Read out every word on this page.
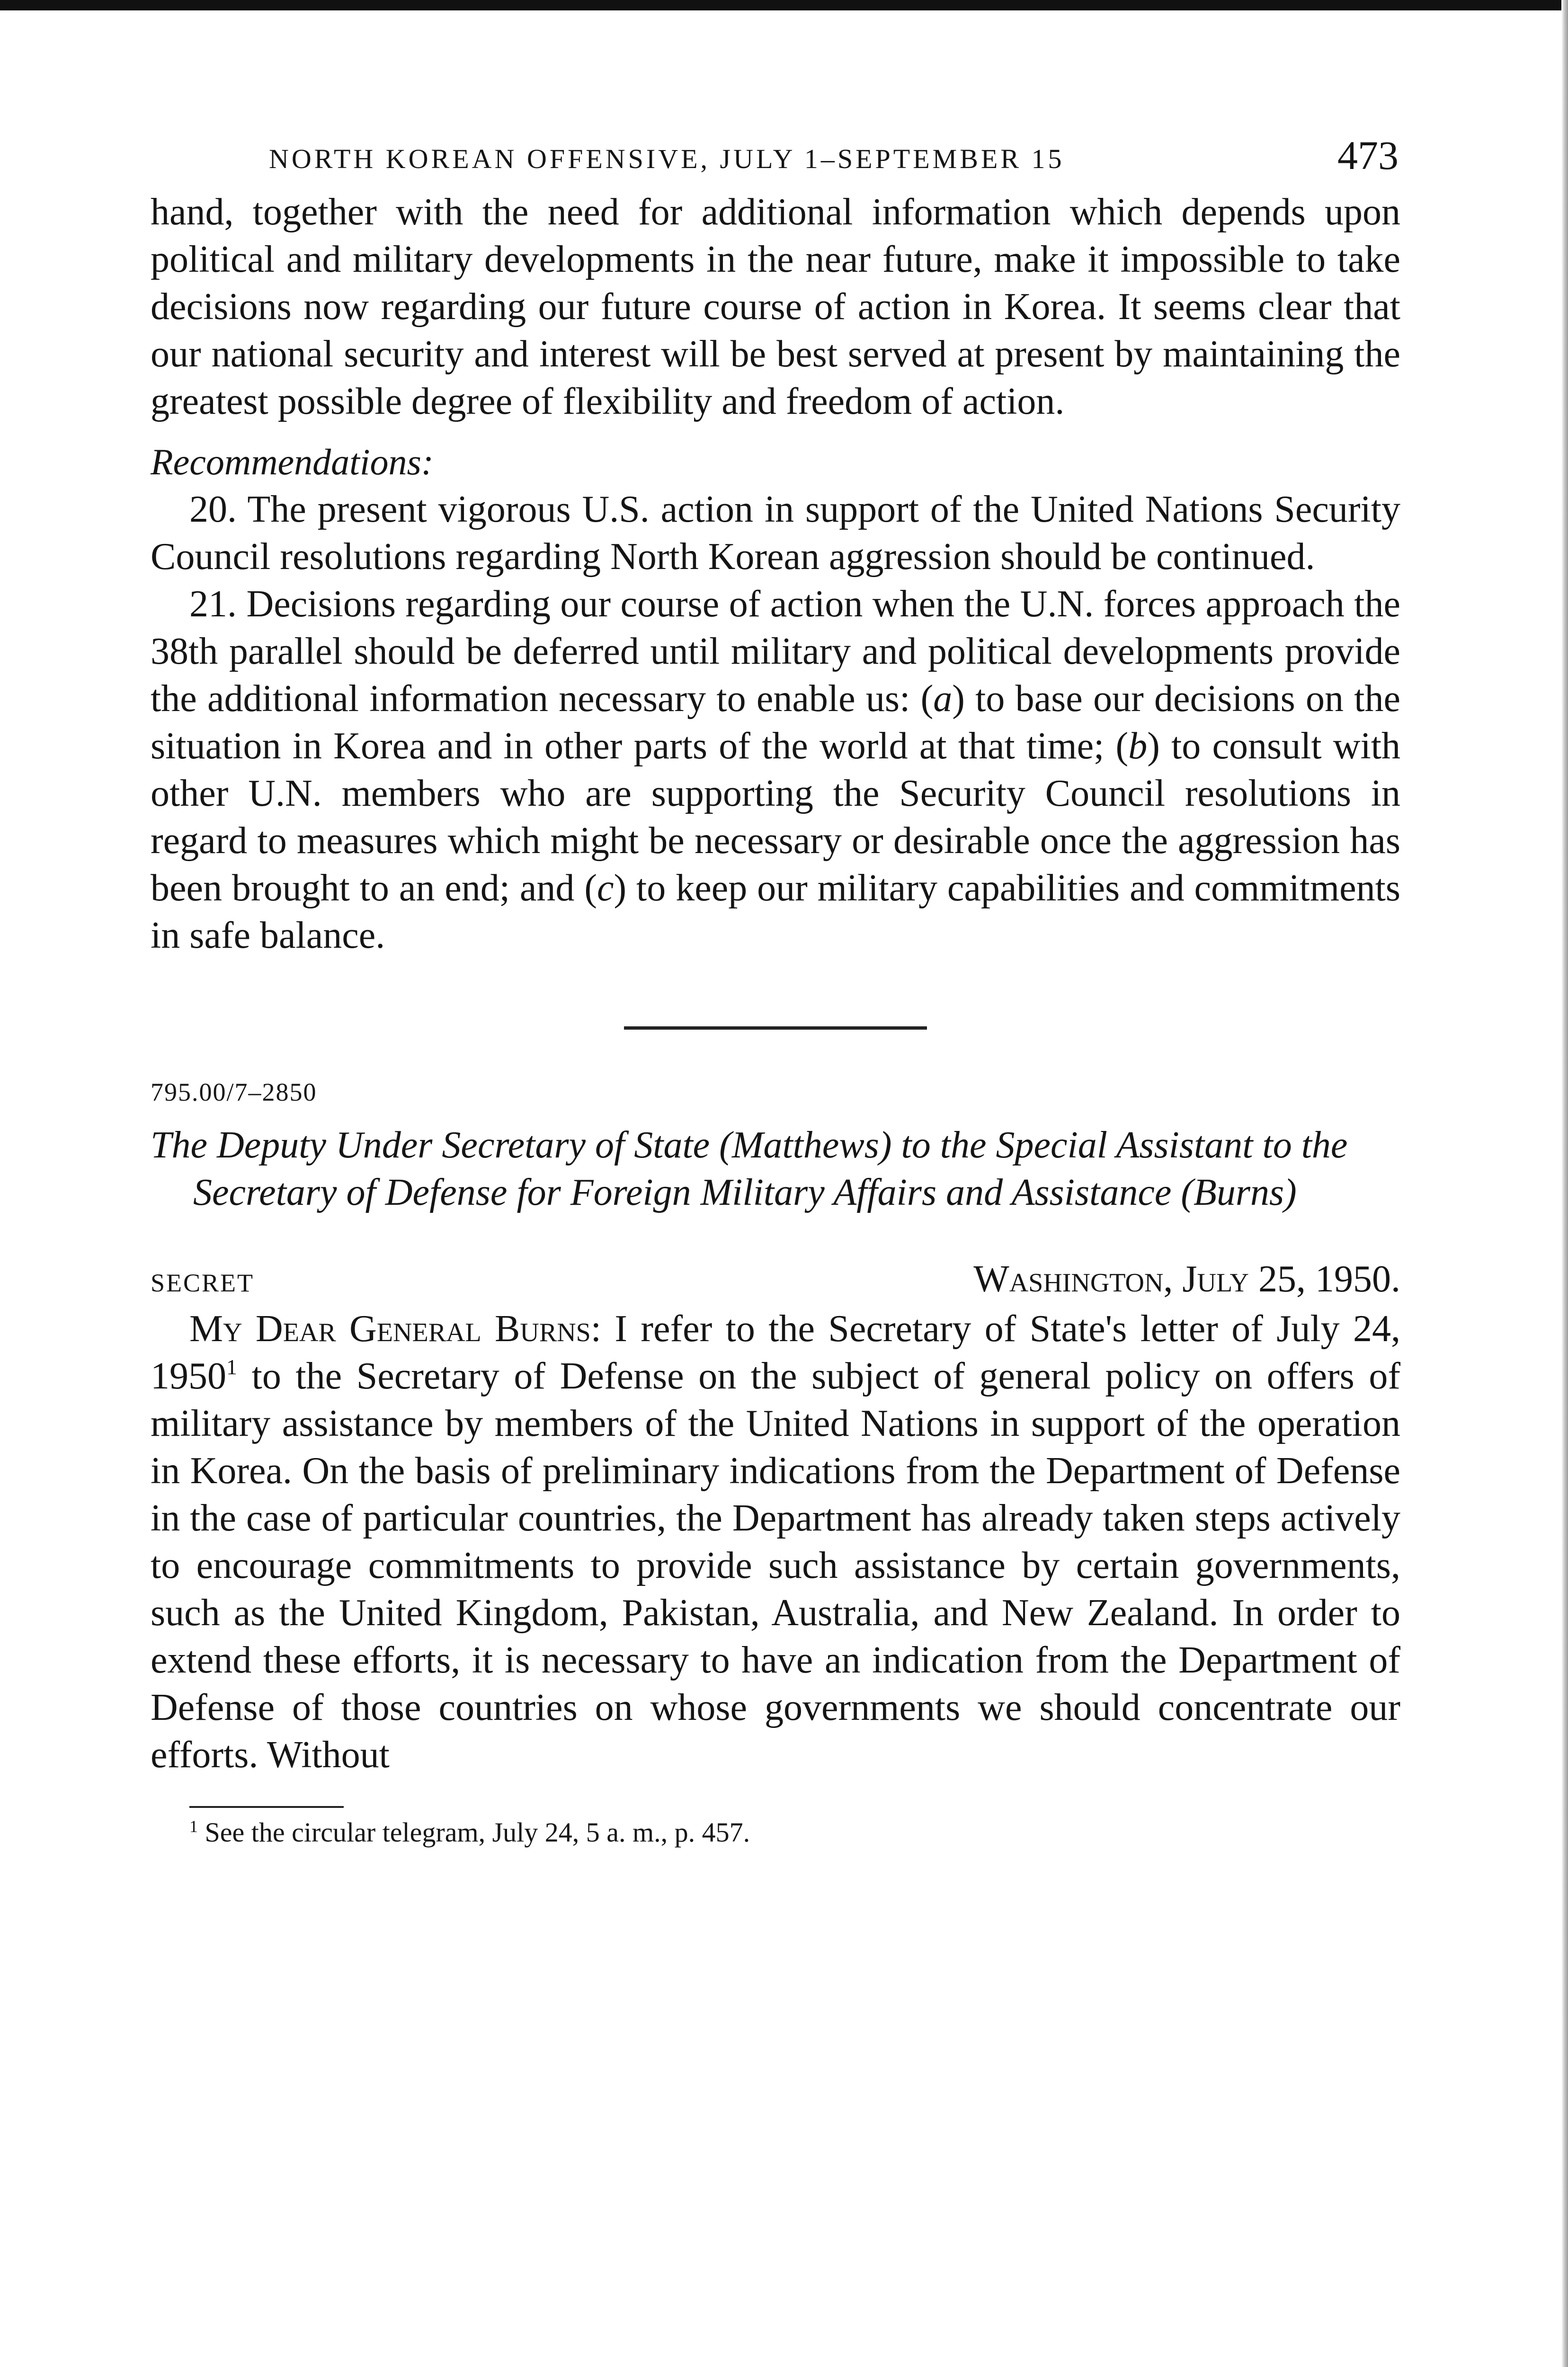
NORTH KOREAN OFFENSIVE, JULY 1–SEPTEMBER 15	473

hand, together with the need for additional information which depends upon political and military developments in the near future, make it impossible to take decisions now regarding our future course of action in Korea. It seems clear that our national security and interest will be best served at present by maintaining the greatest possible degree of flexibility and freedom of action.

Recommendations:

20. The present vigorous U.S. action in support of the United Nations Security Council resolutions regarding North Korean aggression should be continued.

21. Decisions regarding our course of action when the U.N. forces approach the 38th parallel should be deferred until military and political developments provide the additional information necessary to enable us: (a) to base our decisions on the situation in Korea and in other parts of the world at that time; (b) to consult with other U.N. members who are supporting the Security Council resolutions in regard to measures which might be necessary or desirable once the aggression has been brought to an end; and (c) to keep our military capabilities and commitments in safe balance.

795.00/7–2850
The Deputy Under Secretary of State (Matthews) to the Special Assistant to the Secretary of Defense for Foreign Military Affairs and Assistance (Burns)
SECRET	Washington, July 25, 1950.

My Dear General Burns: I refer to the Secretary of State's letter of July 24, 1950$^1$ to the Secretary of Defense on the subject of general policy on offers of military assistance by members of the United Nations in support of the operation in Korea. On the basis of preliminary indications from the Department of Defense in the case of particular countries, the Department has already taken steps actively to encourage commitments to provide such assistance by certain governments, such as the United Kingdom, Pakistan, Australia, and New Zealand. In order to extend these efforts, it is necessary to have an indication from the Department of Defense of those countries on whose governments we should concentrate our efforts. Without

$^1$ See the circular telegram, July 24, 5 a. m., p. 457.
